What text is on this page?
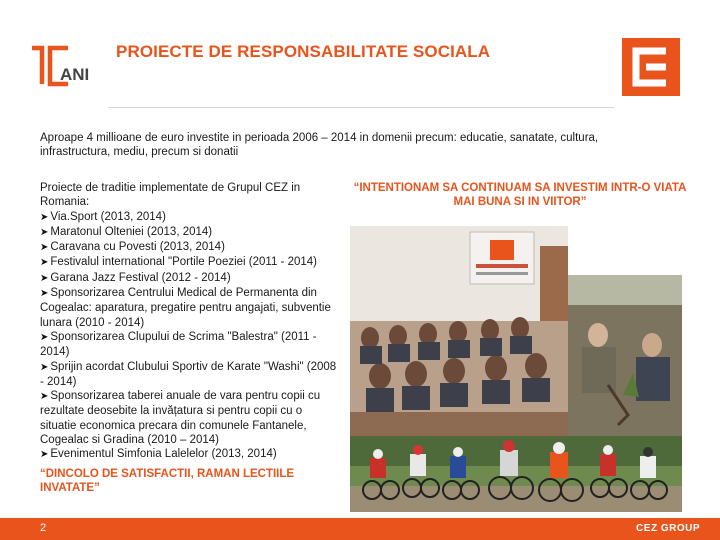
ANI
PROIECTE DE RESPONSABILITATE SOCIALA
Aproape 4 millioane de euro investite in perioada 2006 – 2014 in domenii precum: educatie, sanatate, cultura, infrastructura, mediu, precum si donatii
Proiecte de traditie implementate de Grupul CEZ in Romania:
➤ Via.Sport (2013, 2014)
➤ Maratonul Olteniei (2013, 2014)
➤ Caravana cu Povesti (2013, 2014)
➤ Festivalul international "Portile Poeziei (2011 - 2014)
➤ Garana Jazz Festival (2012 - 2014)
➤ Sponsorizarea Centrului Medical de Permanenta din Cogealac: aparatura, pregatire pentru angajati, subventie lunara (2010 - 2014)
➤ Sponsorizarea Clupului de Scrima "Balestra" (2011 - 2014)
➤ Sprijin acordat Clubului Sportiv de Karate "Washi" (2008 - 2014)
➤ Sponsorizarea taberei anuale de vara pentru copii cu rezultate deosebite la invățatura si pentru copii cu o situatie economica precara din comunele Fantanele, Cogealac si Gradina (2010 – 2014)
➤ Evenimentul Simfonia Lalelelor (2013, 2014)
“DINCOLO DE SATISFACTII, RAMAN LECTIILE INVATATE”
“INTENTIONAM SA CONTINUAM SA INVESTIM INTR-O VIATA MAI BUNA SI IN VIITOR”
2	CEZ GROUP
